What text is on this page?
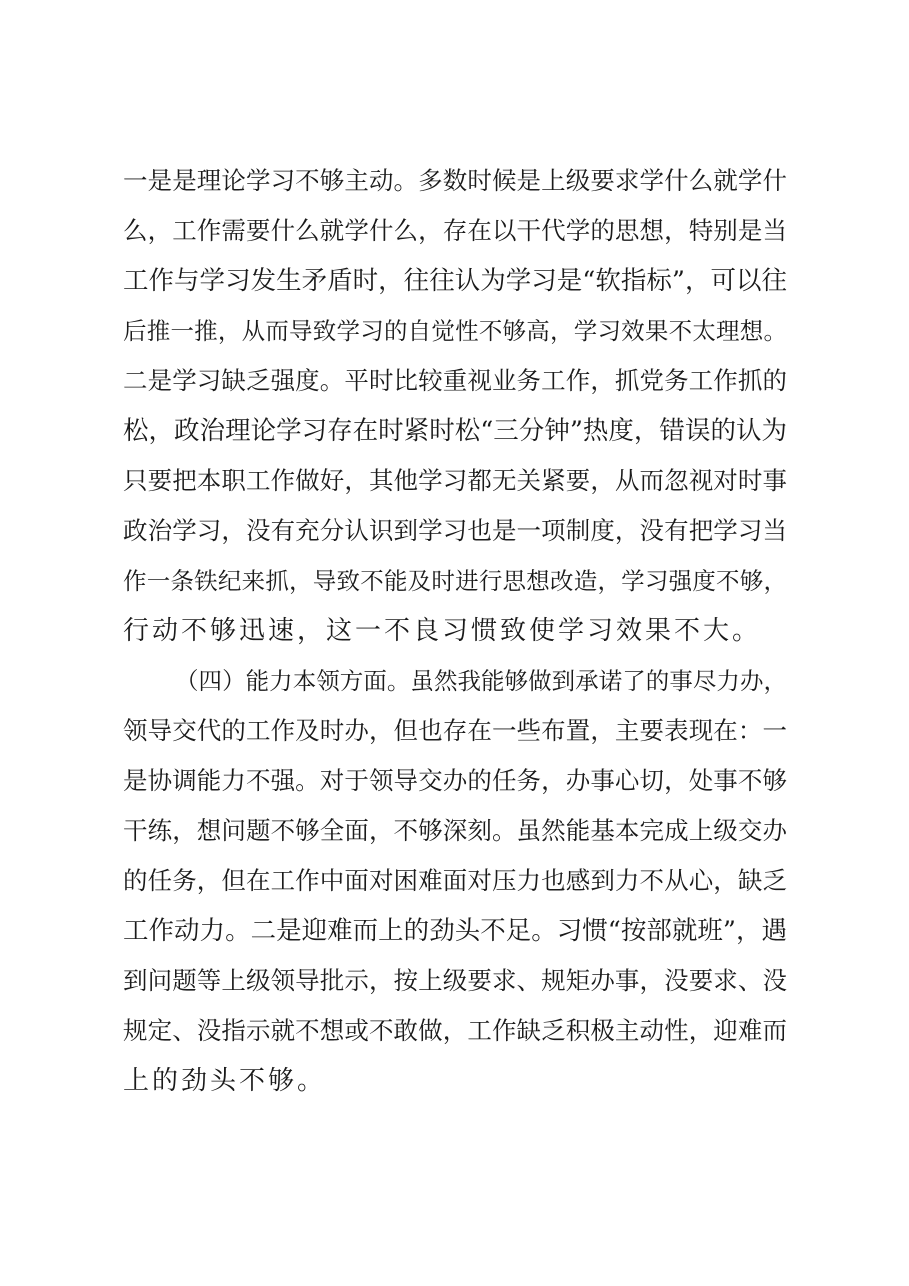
一是是理论学习不够主动。多数时候是上级要求学什么就学什
么，工作需要什么就学什么，存在以干代学的思想，特别是当
工作与学习发生矛盾时，往往认为学习是“软指标”，可以往
后推一推，从而导致学习的自觉性不够高，学习效果不太理想。
二是学习缺乏强度。平时比较重视业务工作，抓党务工作抓的
松，政治理论学习存在时紧时松“三分钟”热度，错误的认为
只要把本职工作做好，其他学习都无关紧要，从而忽视对时事
政治学习，没有充分认识到学习也是一项制度，没有把学习当
作一条铁纪来抓，导致不能及时进行思想改造，学习强度不够，
行动不够迅速，这一不良习惯致使学习效果不大。
（四）能力本领方面。虽然我能够做到承诺了的事尽力办，
领导交代的工作及时办，但也存在一些布置，主要表现在：一
是协调能力不强。对于领导交办的任务，办事心切，处事不够
干练，想问题不够全面，不够深刻。虽然能基本完成上级交办
的任务，但在工作中面对困难面对压力也感到力不从心，缺乏
工作动力。二是迎难而上的劲头不足。习惯“按部就班”，遇
到问题等上级领导批示，按上级要求、规矩办事，没要求、没
规定、没指示就不想或不敢做，工作缺乏积极主动性，迎难而
上的劲头不够。
